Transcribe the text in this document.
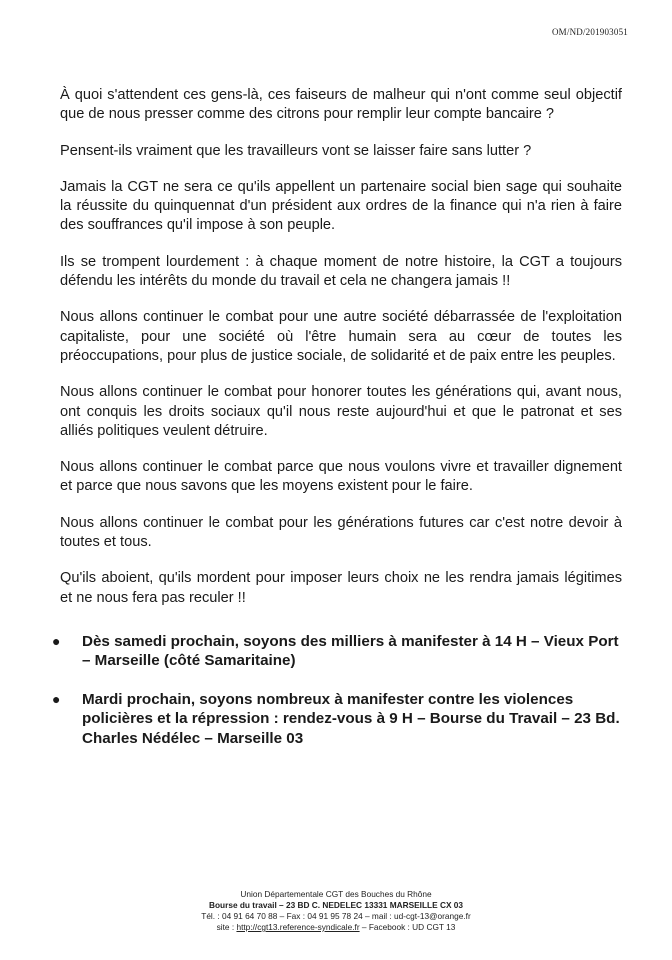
OM/ND/201903051

À quoi s'attendent ces gens-là, ces faiseurs de malheur qui n'ont comme seul objectif que de nous presser comme des citrons pour remplir leur compte bancaire ?

Pensent-ils vraiment que les travailleurs vont se laisser faire sans lutter ?

Jamais la CGT ne sera ce qu'ils appellent un partenaire social bien sage qui souhaite la réussite du quinquennat d'un président aux ordres de la finance qui n'a rien à faire des souffrances qu'il impose à son peuple.

Ils se trompent lourdement : à chaque moment de notre histoire, la CGT a toujours défendu les intérêts du monde du travail et cela ne changera jamais !!

Nous allons continuer le combat pour une autre société débarrassée de l'exploitation capitaliste, pour une société où l'être humain sera au cœur de toutes les préoccupations, pour plus de justice sociale, de solidarité et de paix entre les peuples.

Nous allons continuer le combat pour honorer toutes les générations qui, avant nous, ont conquis les droits sociaux qu'il nous reste aujourd'hui et que le patronat et ses alliés politiques veulent détruire.

Nous allons continuer le combat parce que nous voulons vivre et travailler dignement et parce que nous savons que les moyens existent pour le faire.

Nous allons continuer le combat pour les générations futures car c'est notre devoir à toutes et tous.

Qu'ils aboient, qu'ils mordent pour imposer leurs choix ne les rendra jamais légitimes et ne nous fera pas reculer !!

● Dès samedi prochain, soyons des milliers à manifester à 14 H – Vieux Port – Marseille (côté Samaritaine)
● Mardi prochain, soyons nombreux à manifester contre les violences policières et la répression : rendez-vous à 9 H – Bourse du Travail – 23 Bd. Charles Nédélec – Marseille 03
Union Départementale CGT des Bouches du Rhône
Bourse du travail – 23 BD C. NEDELEC 13331 MARSEILLE CX 03
Tél. : 04 91 64 70 88 – Fax : 04 91 95 78 24 – mail : ud-cgt-13@orange.fr
site : http://cgt13.reference-syndicale.fr – Facebook : UD CGT 13
